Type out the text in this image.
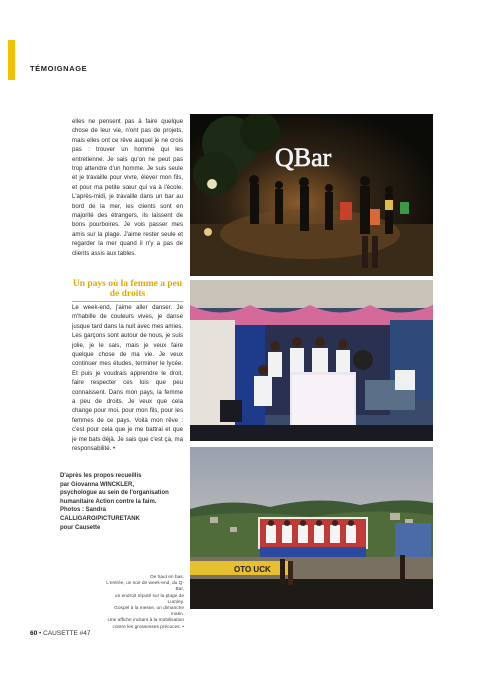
TÉMOIGNAGE
elles ne pensent pas à faire quelque chose de leur vie, n'ont pas de projets, mais elles ont ce rêve auquel je ne crois pas : trouver un homme qui les entretienne. Je sais qu'on ne peut pas trop attendre d'un homme. Je suis seule et je travaille pour vivre, élever mon fils, et pour ma petite sœur qui va à l'école. L'après-midi, je travaille dans un bar au bord de la mer, les clients sont en majorité des étrangers, ils laissent de bons pourboires. Je vois passer mes amis sur la plage. J'aime rester seule et regarder la mer quand il n'y a pas de clients assis aux tables.
Un pays où la femme a peu de droits
Le week-end, j'aime aller danser. Je m'habille de couleurs vives, je danse jusque tard dans la nuit avec mes amies. Les garçons sont autour de nous, je suis jolie, je le sais, mais je veux faire quelque chose de ma vie. Je veux continuer mes études, terminer le lycée. Et puis je voudrais apprendre le droit, faire respecter ces lois que peu connaissent. Dans mon pays, la femme a peu de droits. Je veux que cela change pour moi, pour mon fils, pour les femmes de ce pays. Voilà mon rêve : c'est pour cela que je me battrai et que je me bats déjà. Je sais que c'est ça, ma responsabilité. •
D'après les propos recueillis
par Giovanna WINCKLER,
psychologue au sein de l'organisation
humanitaire Action contre la faim.
Photos : Sandra CALLIGARO/PICTURETANK
pour Causette
De haut en bas.
L'entrée, un soir de week-end, du Q-Bar,
un endroit réputé sur la plage de Lumley.
Gospel à la messe, un dimanche matin.
Une affiche incitant à la mobilisation
contre les grossesses précoces. •
60 • CAUSETTE #47
QBar
OTO UCK
